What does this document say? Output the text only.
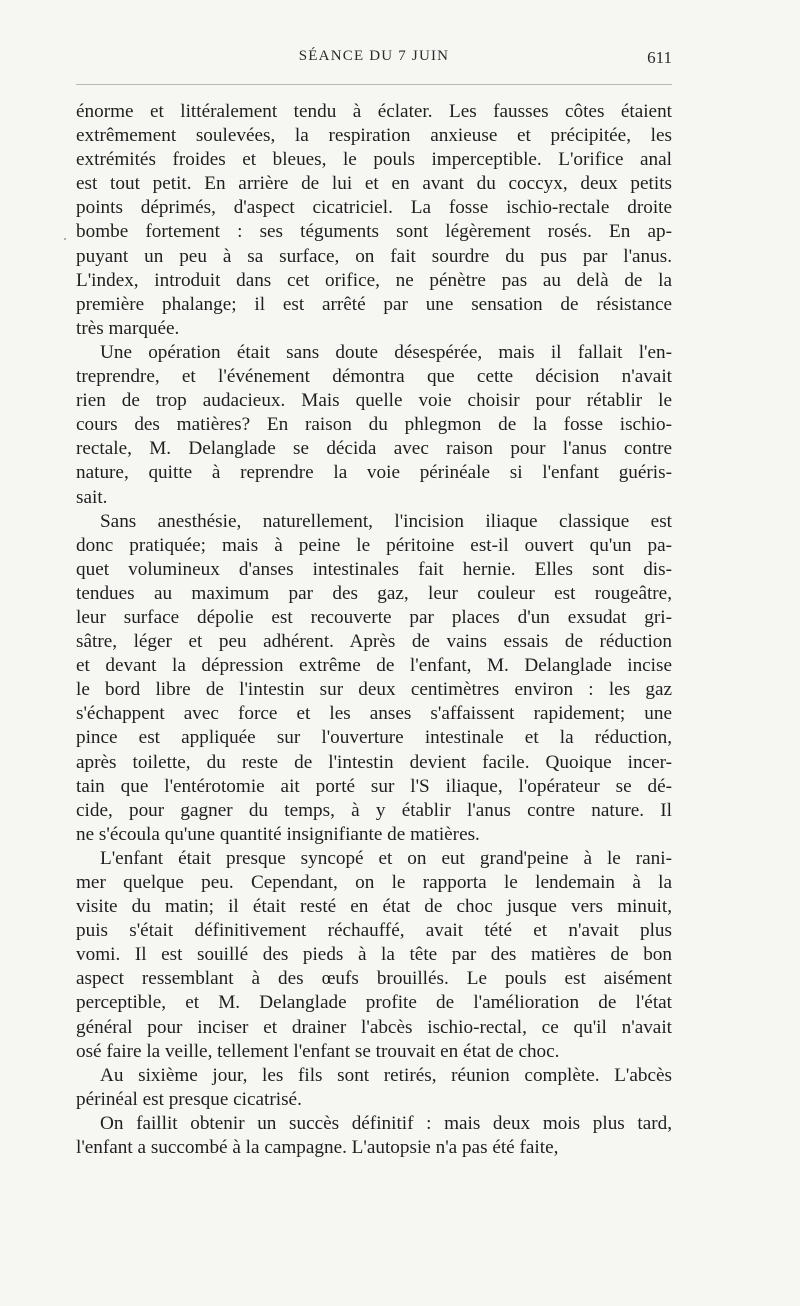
SÉANCE DU 7 JUIN	611

énorme et littéralement tendu à éclater. Les fausses côtes étaient
extrêmement soulevées, la respiration anxieuse et précipitée, les
extrémités froides et bleues, le pouls imperceptible. L'orifice anal
est tout petit. En arrière de lui et en avant du coccyx, deux petits
points déprimés, d'aspect cicatriciel. La fosse ischio-rectale droite
bombe fortement : ses téguments sont légèrement rosés. En ap-
puyant un peu à sa surface, on fait sourdre du pus par l'anus.
L'index, introduit dans cet orifice, ne pénètre pas au delà de la
première phalange; il est arrêté par une sensation de résistance
très marquée.

Une opération était sans doute désespérée, mais il fallait l'en-
treprendre, et l'événement démontra que cette décision n'avait
rien de trop audacieux. Mais quelle voie choisir pour rétablir le
cours des matières? En raison du phlegmon de la fosse ischio-
rectale, M. Delanglade se décida avec raison pour l'anus contre
nature, quitte à reprendre la voie périnéale si l'enfant guéris-
sait.

Sans anesthésie, naturellement, l'incision iliaque classique est
donc pratiquée; mais à peine le péritoine est-il ouvert qu'un pa-
quet volumineux d'anses intestinales fait hernie. Elles sont dis-
tendues au maximum par des gaz, leur couleur est rougeâtre,
leur surface dépolie est recouverte par places d'un exsudat gri-
sâtre, léger et peu adhérent. Après de vains essais de réduction
et devant la dépression extrême de l'enfant, M. Delanglade incise
le bord libre de l'intestin sur deux centimètres environ : les gaz
s'échappent avec force et les anses s'affaissent rapidement; une
pince est appliquée sur l'ouverture intestinale et la réduction,
après toilette, du reste de l'intestin devient facile. Quoique incer-
tain que l'entérotomie ait porté sur l'S iliaque, l'opérateur se dé-
cide, pour gagner du temps, à y établir l'anus contre nature. Il
ne s'écoula qu'une quantité insignifiante de matières.

L'enfant était presque syncopé et on eut grand'peine à le rani-
mer quelque peu. Cependant, on le rapporta le lendemain à la
visite du matin; il était resté en état de choc jusque vers minuit,
puis s'était définitivement réchauffé, avait tété et n'avait plus
vomi. Il est souillé des pieds à la tête par des matières de bon
aspect ressemblant à des œufs brouillés. Le pouls est aisément
perceptible, et M. Delanglade profite de l'amélioration de l'état
général pour inciser et drainer l'abcès ischio-rectal, ce qu'il n'avait
osé faire la veille, tellement l'enfant se trouvait en état de choc.

Au sixième jour, les fils sont retirés, réunion complète. L'abcès
périnéal est presque cicatrisé.

On faillit obtenir un succès définitif : mais deux mois plus tard,
l'enfant a succombé à la campagne. L'autopsie n'a pas été faite,
